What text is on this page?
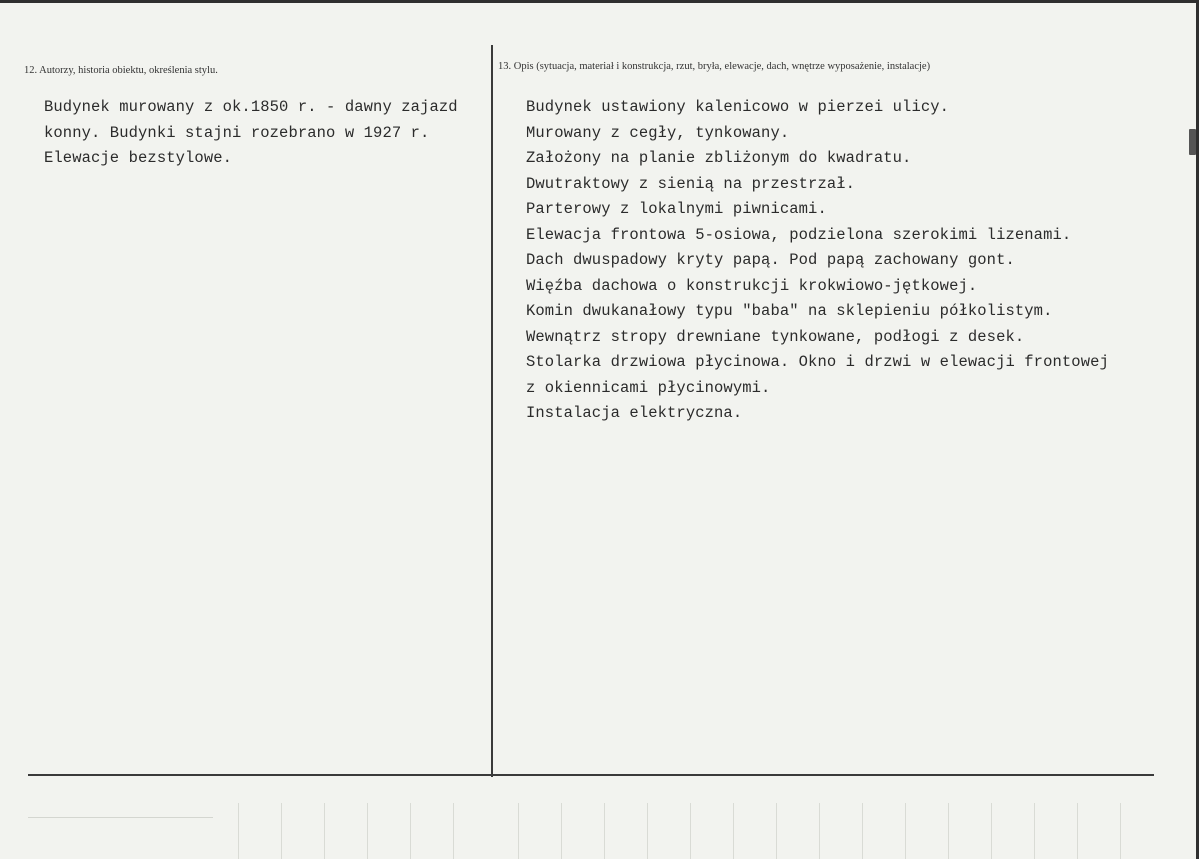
12. Autorzy, historia obiektu, określenia stylu.	13. Opis (sytuacja, materiał i konstrukcja, rzut, bryła, elewacje, dach, wnętrze wyposażenie, instalacje)
Budynek murowany z ok.1850 r. - dawny zajazd
konny. Budynki stajni rozebrano w 1927 r.
Elewacje bezstylowe.
Budynek ustawiony kalenicowo w pierzei ulicy.
Murowany z cegły, tynkowany.
Założony na planie zbliżonym do kwadratu.
Dwutraktowy z sienią na przestrzał.
Parterowy z lokalnymi piwnicami.
Elewacja frontowa 5-osiowa, podzielona szerokimi lizenami.
Dach dwuspadowy kryty papą. Pod papą zachowany gont.
Więźba dachowa o konstrukcji krokwiowo-jętkowej.
Komin dwukanałowy typu "baba" na sklepieniu półkolistym.
Wewnątrz stropy drewniane tynkowane, podłogi z desek.
Stolarka drzwiowa płycinowa. Okno i drzwi w elewacji frontowej
z okiennicami płycinowymi.
Instalacja elektryczna.
